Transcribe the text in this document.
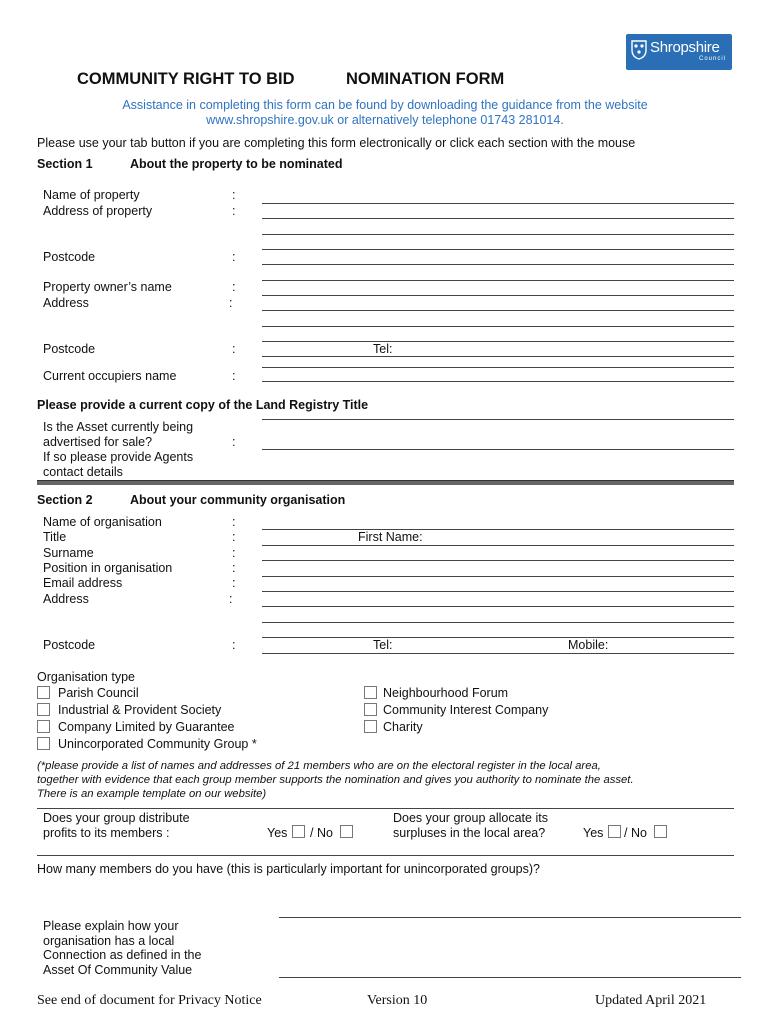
Shropshire
Council
COMMUNITY RIGHT TO BID	NOMINATION FORM
Assistance in completing this form can be found by downloading the guidance from the website
www.shropshire.gov.uk or alternatively telephone 01743 281014.
Please use your tab button if you are completing this form electronically or click each section with the mouse
Section 1	About the property to be nominated
Name of property	:
Address of property	:
Postcode	:
Property owner’s name	:
Address	:
Postcode	:	Tel:
Current occupiers name	:
Please provide a current copy of the Land Registry Title
Is the Asset currently being
advertised for sale?	:
If so please provide Agents
contact details
Section 2	About your community organisation
Name of organisation	:
Title	:	First Name:
Surname	:
Position in organisation	:
Email address	:
Address	:
Postcode	:	Tel:	Mobile:
Organisation type
Parish Council
Industrial & Provident Society
Company Limited by Guarantee
Unincorporated Community Group *
Neighbourhood Forum
Community Interest Company
Charity
(*please provide a list of names and addresses of 21 members who are on the electoral register in the local area,
together with evidence that each group member supports the nomination and gives you authority to nominate the asset.
There is an example template on our website)
Does your group distribute
profits to its members :	Yes / No
Does your group allocate its
surpluses in the local area?	Yes / No
How many members do you have (this is particularly important for unincorporated groups)?
Please explain how your
organisation has a local
Connection as defined in the
Asset Of Community Value
See end of document for Privacy Notice	Version 10	Updated April 2021
